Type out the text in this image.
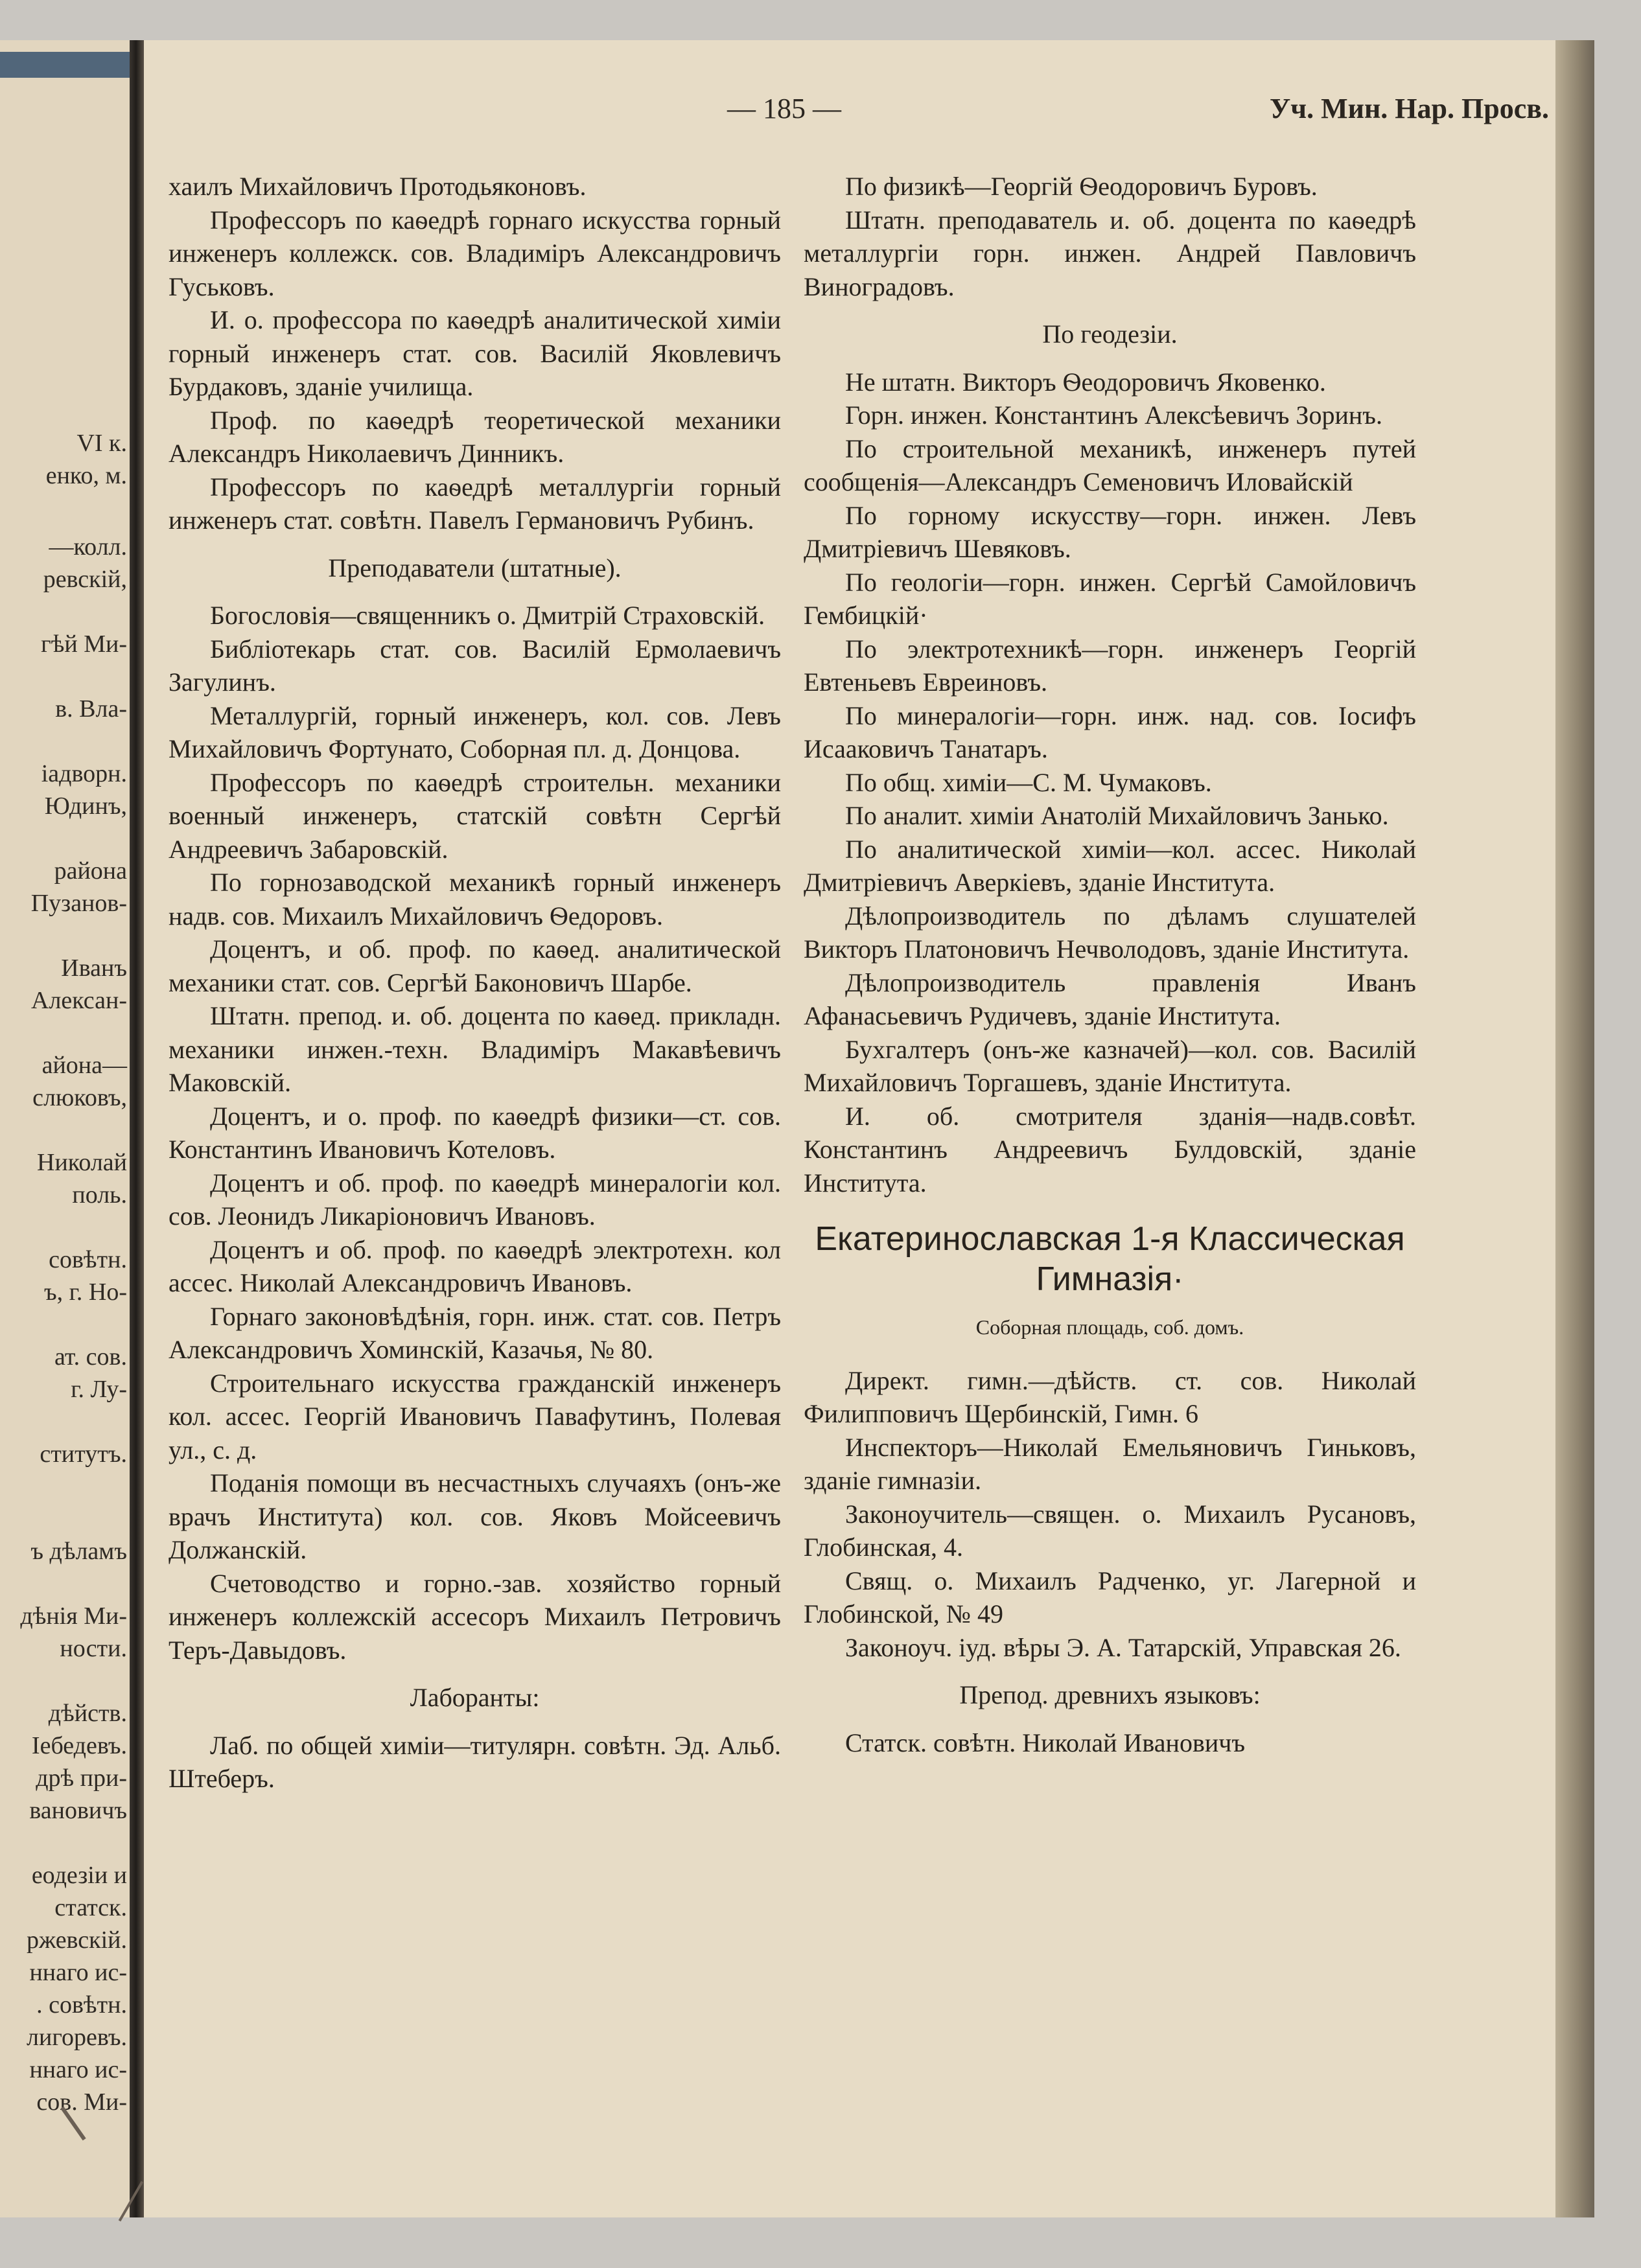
VI к.
енко, м.
—колл.
ревскій,
гѣй Ми-
в. Вла-
іадворн.
Юдинъ,
района
Пузанов-
Иванъ
Алексан-
айона—
слюковъ,
Николай
поль.
совѣтн.
ъ, г. Но-
ат. сов.
г. Лу-
ститутъ.
ъ дѣламъ
дѣнія Ми-
ности.
дѣйств.
Іебедевъ.
дрѣ при-
вановичъ
еодезіи и
статск.
ржевскій.
ннаго ис-
. совѣтн.
лигоревъ.
ннаго ис-
сов. Ми-
— 185 —	Уч. Мин. Нар. Просв.

хаилъ Михайловичъ Протодьяконовъ.

Профессоръ по каѳедрѣ горнаго искусства горный инженеръ коллежск. сов. Владиміръ Александровичъ Гуськовъ.

И. о. профессора по каѳедрѣ аналитической химіи горный инженеръ стат. сов. Василій Яковлевичъ Бурдаковъ, зданіе училища.

Проф. по каѳедрѣ теоретической механики Александръ Николаевичъ Динникъ.

Профессоръ по каѳедрѣ металлургіи горный инженеръ стат. совѣтн. Павелъ Германовичъ Рубинъ.

Преподаватели (штатные).

Богословія—священникъ о. Дмитрій Страховскій.

Библіотекарь стат. сов. Василій Ермолаевичъ Загулинъ.

Металлургій, горный инженеръ, кол. сов. Левъ Михайловичъ Фортунато, Соборная пл. д. Донцова.

Профессоръ по каѳедрѣ строительн. механики военный инженеръ, статскій совѣтн Сергѣй Андреевичъ Забаровскій.

По горнозаводской механикѣ горный инженеръ надв. сов. Михаилъ Михайловичъ Ѳедоровъ.

Доцентъ, и об. проф. по каѳед. аналитической механики стат. сов. Сергѣй Баконовичъ Шарбе.

Штатн. препод. и. об. доцента по каѳед. прикладн. механики инжен.-техн. Владиміръ Макавѣевичъ Маковскій.

Доцентъ, и о. проф. по каѳедрѣ физики—ст. сов. Константинъ Ивановичъ Котеловъ.

Доцентъ и об. проф. по каѳедрѣ минералогіи кол. сов. Леонидъ Ликаріоновичъ Ивановъ.

Доцентъ и об. проф. по каѳедрѣ электротехн. кол ассес. Николай Александровичъ Ивановъ.

Горнаго законовѣдѣнія, горн. инж. стат. сов. Петръ Александровичъ Хоминскій, Казачья, № 80.

Строительнаго искусства гражданскій инженеръ кол. ассес. Георгій Ивановичъ Павафутинъ, Полевая ул., с. д.

Поданія помощи въ несчастныхъ случаяхъ (онъ-же врачъ Института) кол. сов. Яковъ Мойсеевичъ Должанскій.

Счетоводство и горно.-зав. хозяйство горный инженеръ коллежскій ассесоръ Михаилъ Петровичъ Теръ-Давыдовъ.

Лаборанты:

Лаб. по общей химіи—титулярн. совѣтн. Эд. Альб. Штеберъ.

По физикѣ—Георгій Ѳеодоровичъ Буровъ.

Штатн. преподаватель и. об. доцента по каѳедрѣ металлургіи горн. инжен. Андрей Павловичъ Виноградовъ.

По геодезіи.

Не штатн. Викторъ Ѳеодоровичъ Яковенко.

Горн. инжен. Константинъ Алексѣевичъ Зоринъ.

По строительной механикѣ, инженеръ путей сообщенія—Александръ Семеновичъ Иловайскій

По горному искусству—горн. инжен. Левъ Дмитріевичъ Шевяковъ.

По геологіи—горн. инжен. Сергѣй Самойловичъ Гембицкій·

По электротехникѣ—горн. инженеръ Георгій Евтеньевъ Евреиновъ.

По минералогіи—горн. инж. над. сов. Іосифъ Исааковичъ Танатаръ.

По общ. химіи—С. М. Чумаковъ.

По аналит. химіи Анатолій Михайловичъ Занько.

По аналитической химіи—кол. ассес. Николай Дмитріевичъ Аверкіевъ, зданіе Института.

Дѣлопроизводитель по дѣламъ слушателей Викторъ Платоновичъ Нечволодовъ, зданіе Института.

Дѣлопроизводитель правленія Иванъ Афанасьевичъ Рудичевъ, зданіе Института.

Бухгалтеръ (онъ-же казначей)—кол. сов. Василій Михайловичъ Торгашевъ, зданіе Института.

И. об. смотрителя зданія—надв.совѣт. Константинъ Андреевичъ Булдовскій, зданіе Института.

Екатеринославская 1-я Классическая Гимназія·

Соборная площадь, соб. домъ.

Директ. гимн.—дѣйств. ст. сов. Николай Филипповичъ Щербинскій, Гимн. 6

Инспекторъ—Николай Емельяновичъ Гиньковъ, зданіе гимназіи.

Законоучитель—священ. о. Михаилъ Русановъ, Глобинская, 4.

Свящ. о. Михаилъ Радченко, уг. Лагерной и Глобинской, № 49

Законоуч. іуд. вѣры Э. А. Татарскій, Управская 26.

Препод. древнихъ языковъ:

Статск. совѣтн. Николай Ивановичъ
